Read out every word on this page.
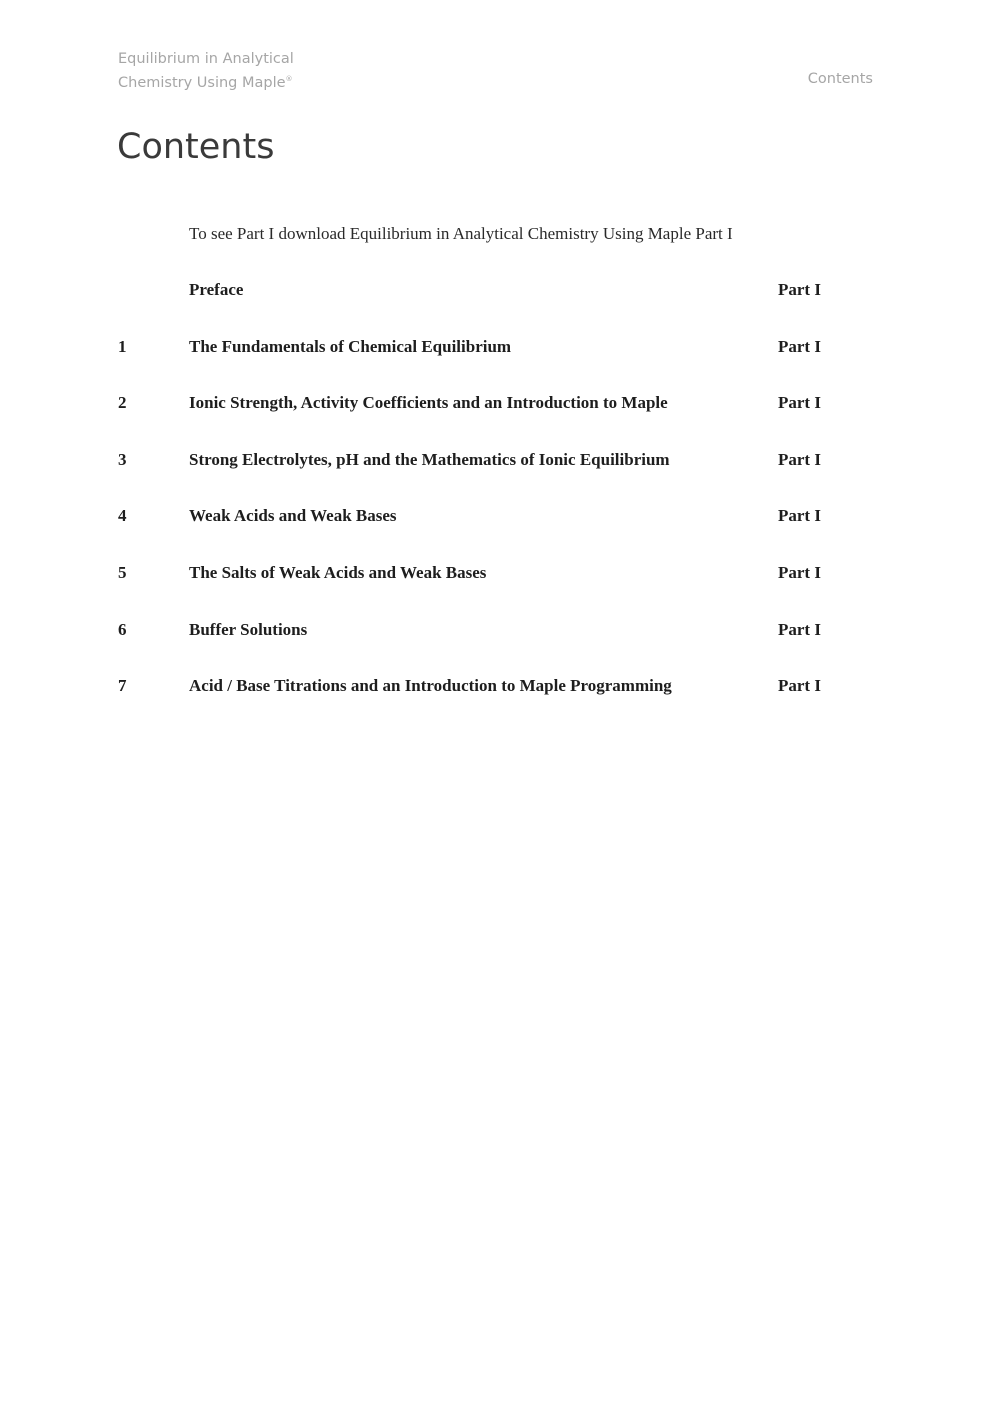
Equilibrium in Analytical
Chemistry Using Maple®	Contents
Contents
To see Part I download Equilibrium in Analytical Chemistry Using Maple Part I
Preface	Part I
1	The Fundamentals of Chemical Equilibrium	Part I
2	Ionic Strength, Activity Coefficients and an Introduction to Maple	Part I
3	Strong Electrolytes, pH and the Mathematics of Ionic Equilibrium	Part I
4	Weak Acids and Weak Bases	Part I
5	The Salts of Weak Acids and Weak Bases	Part I
6	Buffer Solutions	Part I
7	Acid / Base Titrations and an Introduction to Maple Programming	Part I
